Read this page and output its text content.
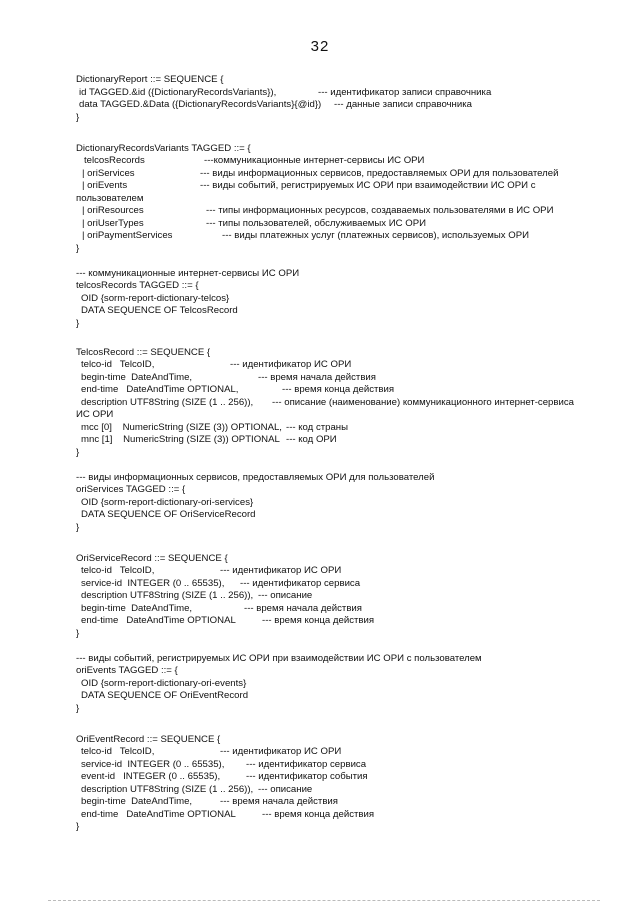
32
DictionaryReport ::= SEQUENCE {

id TAGGED.&id ({DictionaryRecordsVariants}),

	--- идентификатор записи справочника

data TAGGED.&Data ({DictionaryRecordsVariants}{@id})

--- данные записи справочника

}
DictionaryRecordsVariants TAGGED ::= {

telcosRecords

	---коммуникационные интернет-сервисы ИС ОРИ

| oriServices

	--- виды информационных сервисов, предоставляемых ОРИ для пользователей

| oriEvents

	--- виды событий, регистрируемых ИС ОРИ при взаимодействии ИС ОРИ с

пользователем

| oriResources

	--- типы информационных ресурсов, создаваемых пользователями в ИС ОРИ

| oriUserTypes

	--- типы пользователей, обслуживаемых ИС ОРИ

| oriPaymentServices

	--- виды платежных услуг (платежных сервисов), используемых ОРИ

}
--- коммуникационные интернет-сервисы ИС ОРИ
telcosRecords TAGGED ::= {
OID {sorm-report-dictionary-telcos}
DATA SEQUENCE OF TelcosRecord
}
TelcosRecord ::= SEQUENCE {

telco-id   TelcoID,

	--- идентификатор ИС ОРИ

begin-time  DateAndTime,

	--- время начала действия

end-time   DateAndTime OPTIONAL,

	--- время конца действия

description UTF8String (SIZE (1 .. 256)),

--- описание (наименование) коммуникационного интернет-сервиса

ИС ОРИ

mcc [0]    NumericString (SIZE (3)) OPTIONAL,

--- код страны

mnc [1]    NumericString (SIZE (3)) OPTIONAL

--- код ОРИ

}
--- виды информационных сервисов, предоставляемых ОРИ для пользователей
oriServices TAGGED ::= {
OID {sorm-report-dictionary-ori-services}
DATA SEQUENCE OF OriServiceRecord
}
OriServiceRecord ::= SEQUENCE {

telco-id   TelcoID,

	--- идентификатор ИС ОРИ

service-id  INTEGER (0 .. 65535),

--- идентификатор сервиса

description UTF8String (SIZE (1 .. 256)),

--- описание

begin-time  DateAndTime,

	--- время начала действия

end-time   DateAndTime OPTIONAL

	--- время конца действия

}
--- виды событий, регистрируемых ИС ОРИ при взаимодействии ИС ОРИ с пользователем
oriEvents TAGGED ::= {
OID {sorm-report-dictionary-ori-events}
DATA SEQUENCE OF OriEventRecord
}
OriEventRecord ::= SEQUENCE {

telco-id   TelcoID,

	--- идентификатор ИС ОРИ

service-id  INTEGER (0 .. 65535),

--- идентификатор сервиса

event-id   INTEGER (0 .. 65535),

	--- идентификатор события

description UTF8String (SIZE (1 .. 256)),

--- описание

begin-time  DateAndTime,

	--- время начала действия

end-time   DateAndTime OPTIONAL

	--- время конца действия

}
